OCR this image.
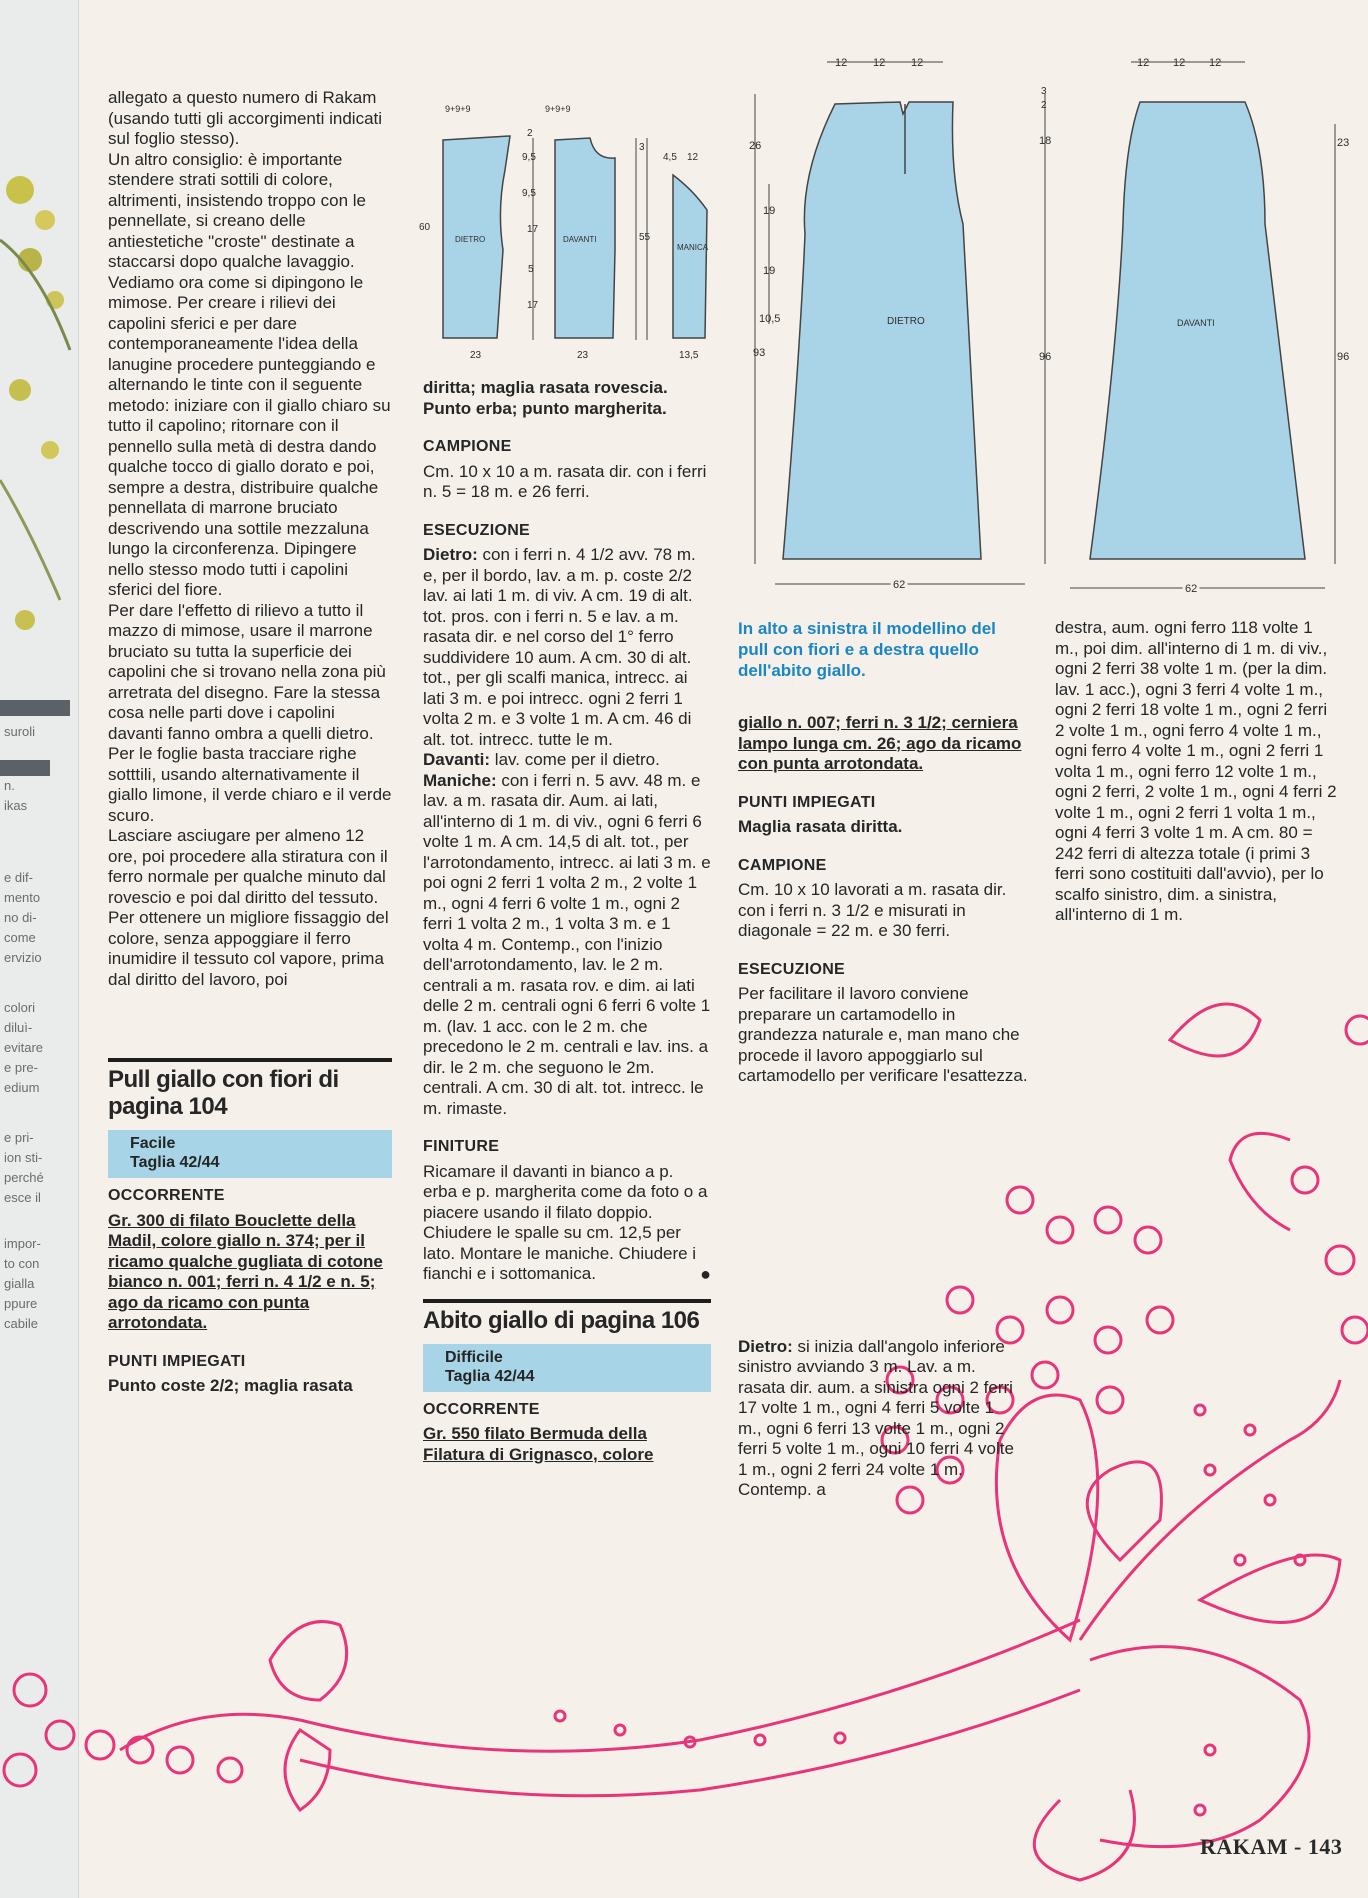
suroli
n.
ikas
e dif-
mento
no di-
come
ervizio
colori
diluì-
evitare
e pre-
edium
e pri-
ion sti-
perché
esce il
impor-
to con
gialla
ppure
cabile

allegato a questo numero di Rakam (usando tutti gli accorgimenti indicati sul foglio stesso).

Un altro consiglio: è importante stendere strati sottili di colore, altrimenti, insistendo troppo con le pennellate, si creano delle antiestetiche "croste" destinate a staccarsi dopo qualche lavaggio.

Vediamo ora come si dipingono le mimose. Per creare i rilievi dei capolini sferici e per dare contemporaneamente l'idea della lanugine procedere punteggiando e alternando le tinte con il seguente metodo: iniziare con il giallo chiaro su tutto il capolino; ritornare con il pennello sulla metà di destra dando qualche tocco di giallo dorato e poi, sempre a destra, distribuire qualche pennellata di marrone bruciato descrivendo una sottile mezzaluna lungo la circonferenza. Dipingere nello stesso modo tutti i capolini sferici del fiore.

Per dare l'effetto di rilievo a tutto il mazzo di mimose, usare il marrone bruciato su tutta la superficie dei capolini che si trovano nella zona più arretrata del disegno. Fare la stessa cosa nelle parti dove i capolini davanti fanno ombra a quelli dietro.

Per le foglie basta tracciare righe sotttili, usando alternativamente il giallo limone, il verde chiaro e il verde scuro.

Lasciare asciugare per almeno 12 ore, poi procedere alla stiratura con il ferro normale per qualche minuto dal rovescio e poi dal diritto del tessuto. Per ottenere un migliore fissaggio del colore, senza appoggiare il ferro inumidire il tessuto col vapore, prima dal diritto del lavoro, poi

Pull giallo con fiori di pagina 104
Facile
Taglia 42/44
OCCORRENTE

Gr. 300 di filato Bouclette della Madil, colore giallo n. 374; per il ricamo qualche gugliata di cotone bianco n. 001; ferri n. 4 1/2 e n. 5; ago da ricamo con punta arrotondata.

PUNTI IMPIEGATI

Punto coste 2/2; maglia rasata

9+9+9	9+9+9
2
9,5
9,5
17
5
17
DIETRO	DAVANTI
MANICA
60
55
3
4,5 12
23	23	13,5

diritta; maglia rasata rovescia. Punto erba; punto margherita.

CAMPIONE

Cm. 10 x 10 a m. rasata dir. con i ferri n. 5 = 18 m. e 26 ferri.

ESECUZIONE

Dietro: con i ferri n. 4 1/2 avv. 78 m. e, per il bordo, lav. a m. p. coste 2/2 lav. ai lati 1 m. di viv. A cm. 19 di alt. tot. pros. con i ferri n. 5 e lav. a m. rasata dir. e nel corso del 1° ferro suddividere 10 aum. A cm. 30 di alt. tot., per gli scalfi manica, intrecc. ai lati 3 m. e poi intrecc. ogni 2 ferri 1 volta 2 m. e 3 volte 1 m. A cm. 46 di alt. tot. intrecc. tutte le m.

Davanti: lav. come per il dietro.

Maniche: con i ferri n. 5 avv. 48 m. e lav. a m. rasata dir. Aum. ai lati, all'interno di 1 m. di viv., ogni 6 ferri 6 volte 1 m. A cm. 14,5 di alt. tot., per l'arrotondamento, intrecc. ai lati 3 m. e poi ogni 2 ferri 1 volta 2 m., 2 volte 1 m., ogni 4 ferri 6 volte 1 m., ogni 2 ferri 1 volta 2 m., 1 volta 3 m. e 1 volta 4 m. Contemp., con l'inizio dell'arrotondamento, lav. le 2 m. centrali a m. rasata rov. e dim. ai lati delle 2 m. centrali ogni 6 ferri 6 volte 1 m. (lav. 1 acc. con le 2 m. che precedono le 2 m. centrali e lav. ins. a dir. le 2 m. che seguono le 2m. centrali. A cm. 30 di alt. tot. intrecc. le m. rimaste.

FINITURE

Ricamare il davanti in bianco a p. erba e p. margherita come da foto o a piacere usando il filato doppio. Chiudere le spalle su cm. 12,5 per lato. Montare le maniche. Chiudere i fianchi e i sottomanica.	●

Abito giallo di pagina 106
Difficile
Taglia 42/44
OCCORRENTE

Gr. 550 filato Bermuda della Filatura di Grignasco, colore

12 12 12	12 12 12
26
19
19
10,5
93
3
2
18
96
23
96
DIETRO	DAVANTI
62	62

In alto a sinistra il modellino del pull con fiori e a destra quello dell'abito giallo.

giallo n. 007; ferri n. 3 1/2; cerniera lampo lunga cm. 26; ago da ricamo con punta arrotondata.

PUNTI IMPIEGATI

Maglia rasata diritta.

CAMPIONE

Cm. 10 x 10 lavorati a m. rasata dir. con i ferri n. 3 1/2 e misurati in diagonale = 22 m. e 30 ferri.

ESECUZIONE

Per facilitare il lavoro conviene preparare un cartamodello in grandezza naturale e, man mano che procede il lavoro appoggiarlo sul cartamodello per verificare l'esattezza.

Dietro: si inizia dall'angolo inferiore sinistro avviando 3 m. Lav. a m. rasata dir. aum. a sinistra ogni 2 ferri 17 volte 1 m., ogni 4 ferri 5 volte 1 m., ogni 6 ferri 13 volte 1 m., ogni 2 ferri 5 volte 1 m., ogni 10 ferri 4 volte 1 m., ogni 2 ferri 24 volte 1 m. Contemp. a

destra, aum. ogni ferro 118 volte 1 m., poi dim. all'interno di 1 m. di viv., ogni 2 ferri 38 volte 1 m. (per la dim. lav. 1 acc.), ogni 3 ferri 4 volte 1 m., ogni 2 ferri 18 volte 1 m., ogni 2 ferri 2 volte 1 m., ogni ferro 4 volte 1 m., ogni ferro 4 volte 1 m., ogni 2 ferri 1 volta 1 m., ogni ferro 12 volte 1 m., ogni 2 ferri, 2 volte 1 m., ogni 4 ferri 2 volte 1 m., ogni 2 ferri 1 volta 1 m., ogni 4 ferri 3 volte 1 m. A cm. 80 = 242 ferri di altezza totale (i primi 3 ferri sono costituiti dall'avvio), per lo scalfo sinistro, dim. a sinistra, all'interno di 1 m.

RAKAM - 143
